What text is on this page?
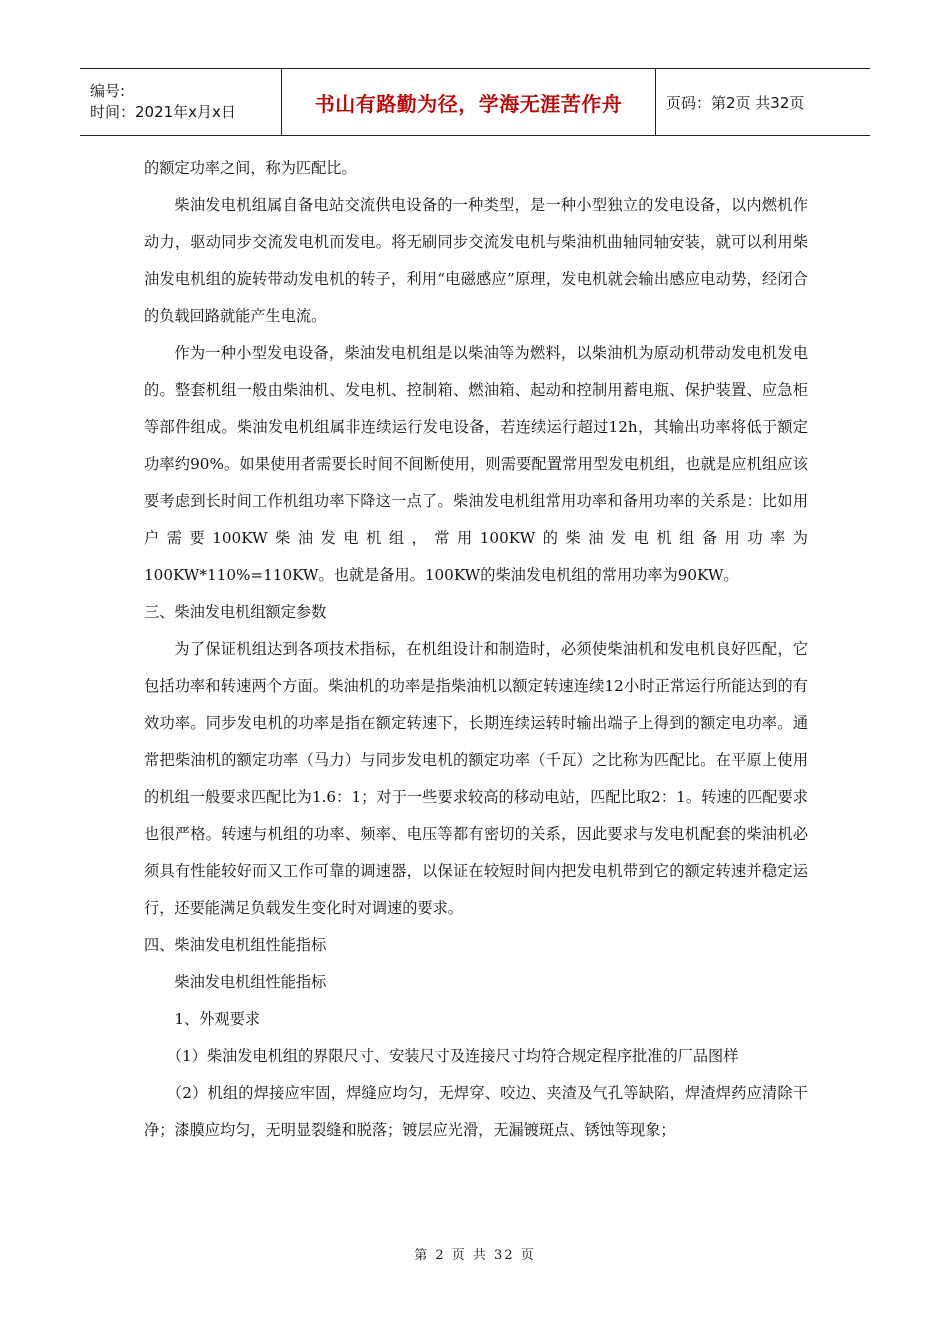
编号:
时间：2021年x月x日	书山有路勤为径，学海无涯苦作舟	页码：第2页 共32页

的额定功率之间，称为匹配比。

柴油发电机组属自备电站交流供电设备的一种类型，是一种小型独立的发电设备，以内燃机作动力，驱动同步交流发电机而发电。将无刷同步交流发电机与柴油机曲轴同轴安装，就可以利用柴油发电机组的旋转带动发电机的转子，利用“电磁感应”原理，发电机就会输出感应电动势，经闭合的负载回路就能产生电流。

作为一种小型发电设备，柴油发电机组是以柴油等为燃料，以柴油机为原动机带动发电机发电的。整套机组一般由柴油机、发电机、控制箱、燃油箱、起动和控制用蓄电瓶、保护装置、应急柜等部件组成。柴油发电机组属非连续运行发电设备，若连续运行超过12h，其输出功率将低于额定功率约90%。如果使用者需要长时间不间断使用，则需要配置常用型发电机组，也就是应机组应该要考虑到长时间工作机组功率下降这一点了。柴油发电机组常用功率和备用功率的关系是：比如用户需要100KW柴油发电机组，常用100KW的柴油发电机组备用功率为100KW*110%=110KW。也就是备用。100KW的柴油发电机组的常用功率为90KW。

三、柴油发电机组额定参数

为了保证机组达到各项技术指标，在机组设计和制造时，必须使柴油机和发电机良好匹配，它包括功率和转速两个方面。柴油机的功率是指柴油机以额定转速连续12小时正常运行所能达到的有效功率。同步发电机的功率是指在额定转速下，长期连续运转时输出端子上得到的额定电功率。通常把柴油机的额定功率（马力）与同步发电机的额定功率（千瓦）之比称为匹配比。在平原上使用的机组一般要求匹配比为1.6：1；对于一些要求较高的移动电站，匹配比取2：1。转速的匹配要求也很严格。转速与机组的功率、频率、电压等都有密切的关系，因此要求与发电机配套的柴油机必须具有性能较好而又工作可靠的调速器，以保证在较短时间内把发电机带到它的额定转速并稳定运行，还要能满足负载发生变化时对调速的要求。

四、柴油发电机组性能指标

柴油发电机组性能指标

1、外观要求

（1）柴油发电机组的界限尺寸、安装尺寸及连接尺寸均符合规定程序批准的厂品图样

（2）机组的焊接应牢固，焊缝应均匀，无焊穿、咬边、夹渣及气孔等缺陷，焊渣焊药应清除干净；漆膜应均匀，无明显裂缝和脱落；镀层应光滑，无漏镀斑点、锈蚀等现象；

第 2 页 共 32 页
